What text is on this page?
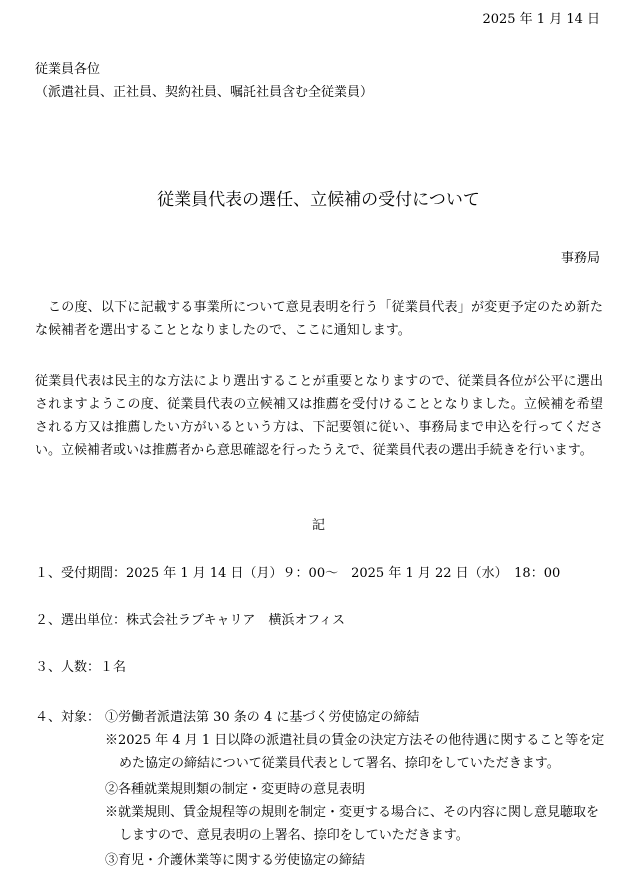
2025 年 1 月 14 日
従業員各位
（派遣社員、正社員、契約社員、嘱託社員含む全従業員）
従業員代表の選任、立候補の受付について
事務局
この度、以下に記載する事業所について意見表明を行う「従業員代表」が変更予定のため新たな候補者を選出することとなりましたので、ここに通知します。
従業員代表は民主的な方法により選出することが重要となりますので、従業員各位が公平に選出されますようこの度、従業員代表の立候補又は推薦を受付けることとなりました。立候補を希望される方又は推薦したい方がいるという方は、下記要領に従い、事務局まで申込を行ってください。立候補者或いは推薦者から意思確認を行ったうえで、従業員代表の選出手続きを行います。
記
１、受付期間：2025 年 1 月 14 日（月）９：00～　2025 年 1 月 22 日（水）　18：00
２、選出単位：株式会社ラブキャリア　横浜オフィス
３、人数：１名
４、対象： ①労働者派遣法第 30 条の 4 に基づく労使協定の締結
※2025 年 4 月 1 日以降の派遣社員の賃金の決定方法その他待遇に関すること等を定めた協定の締結について従業員代表として署名、捺印をしていただきます。
②各種就業規則類の制定・変更時の意見表明
※就業規則、賃金規程等の規則を制定・変更する場合に、その内容に関し意見聴取をしますので、意見表明の上署名、捺印をしていただきます。
③育児・介護休業等に関する労使協定の締結
